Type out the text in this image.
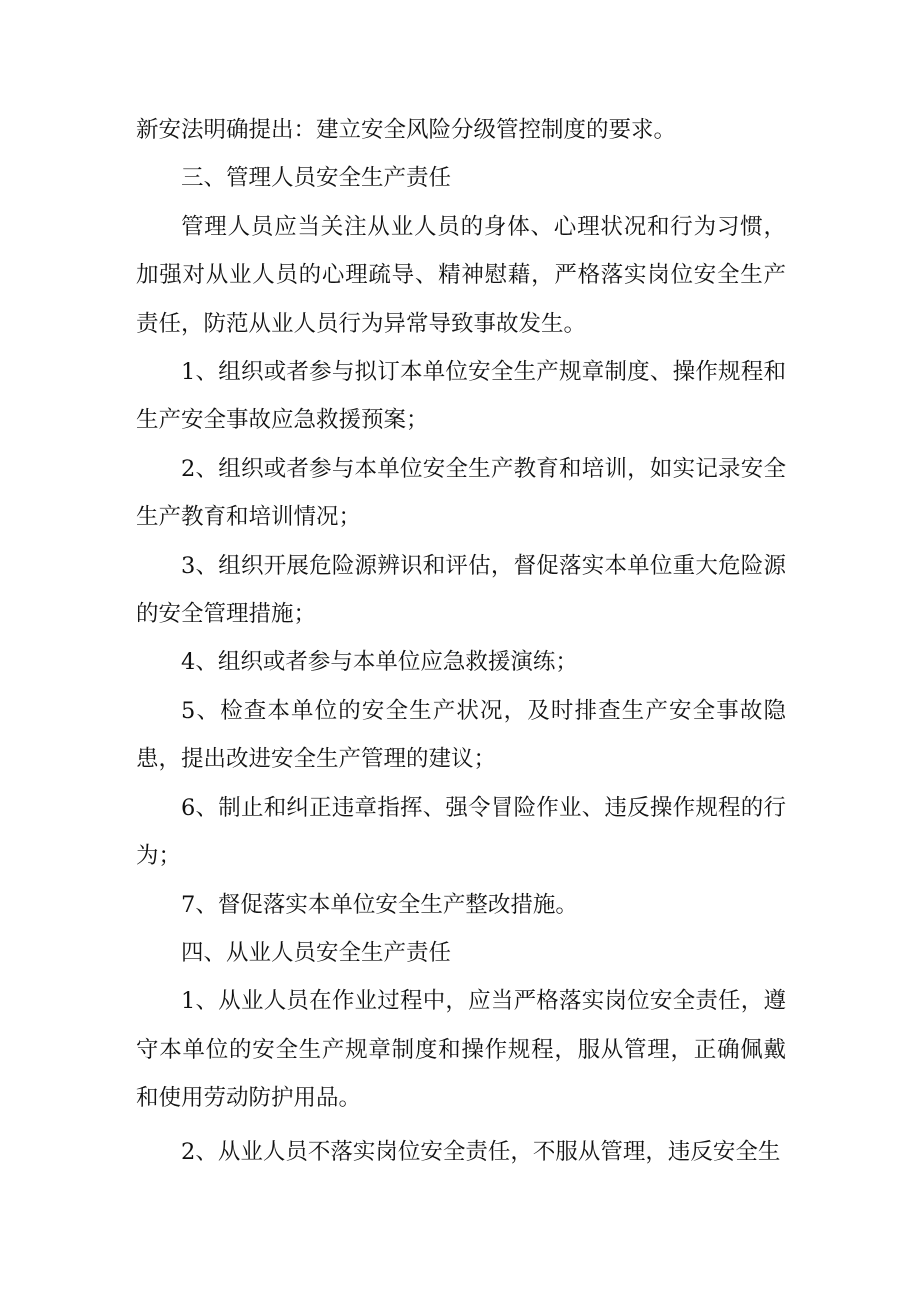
新安法明确提出：建立安全风险分级管控制度的要求。

三、管理人员安全生产责任

管理人员应当关注从业人员的身体、心理状况和行为习惯，加强对从业人员的心理疏导、精神慰藉，严格落实岗位安全生产责任，防范从业人员行为异常导致事故发生。

1、组织或者参与拟订本单位安全生产规章制度、操作规程和生产安全事故应急救援预案；

2、组织或者参与本单位安全生产教育和培训，如实记录安全生产教育和培训情况；

3、组织开展危险源辨识和评估，督促落实本单位重大危险源的安全管理措施；

4、组织或者参与本单位应急救援演练；

5、检查本单位的安全生产状况，及时排查生产安全事故隐患，提出改进安全生产管理的建议；

6、制止和纠正违章指挥、强令冒险作业、违反操作规程的行为；

7、督促落实本单位安全生产整改措施。

四、从业人员安全生产责任

1、从业人员在作业过程中，应当严格落实岗位安全责任，遵守本单位的安全生产规章制度和操作规程，服从管理，正确佩戴和使用劳动防护用品。

2、从业人员不落实岗位安全责任，不服从管理，违反安全生
